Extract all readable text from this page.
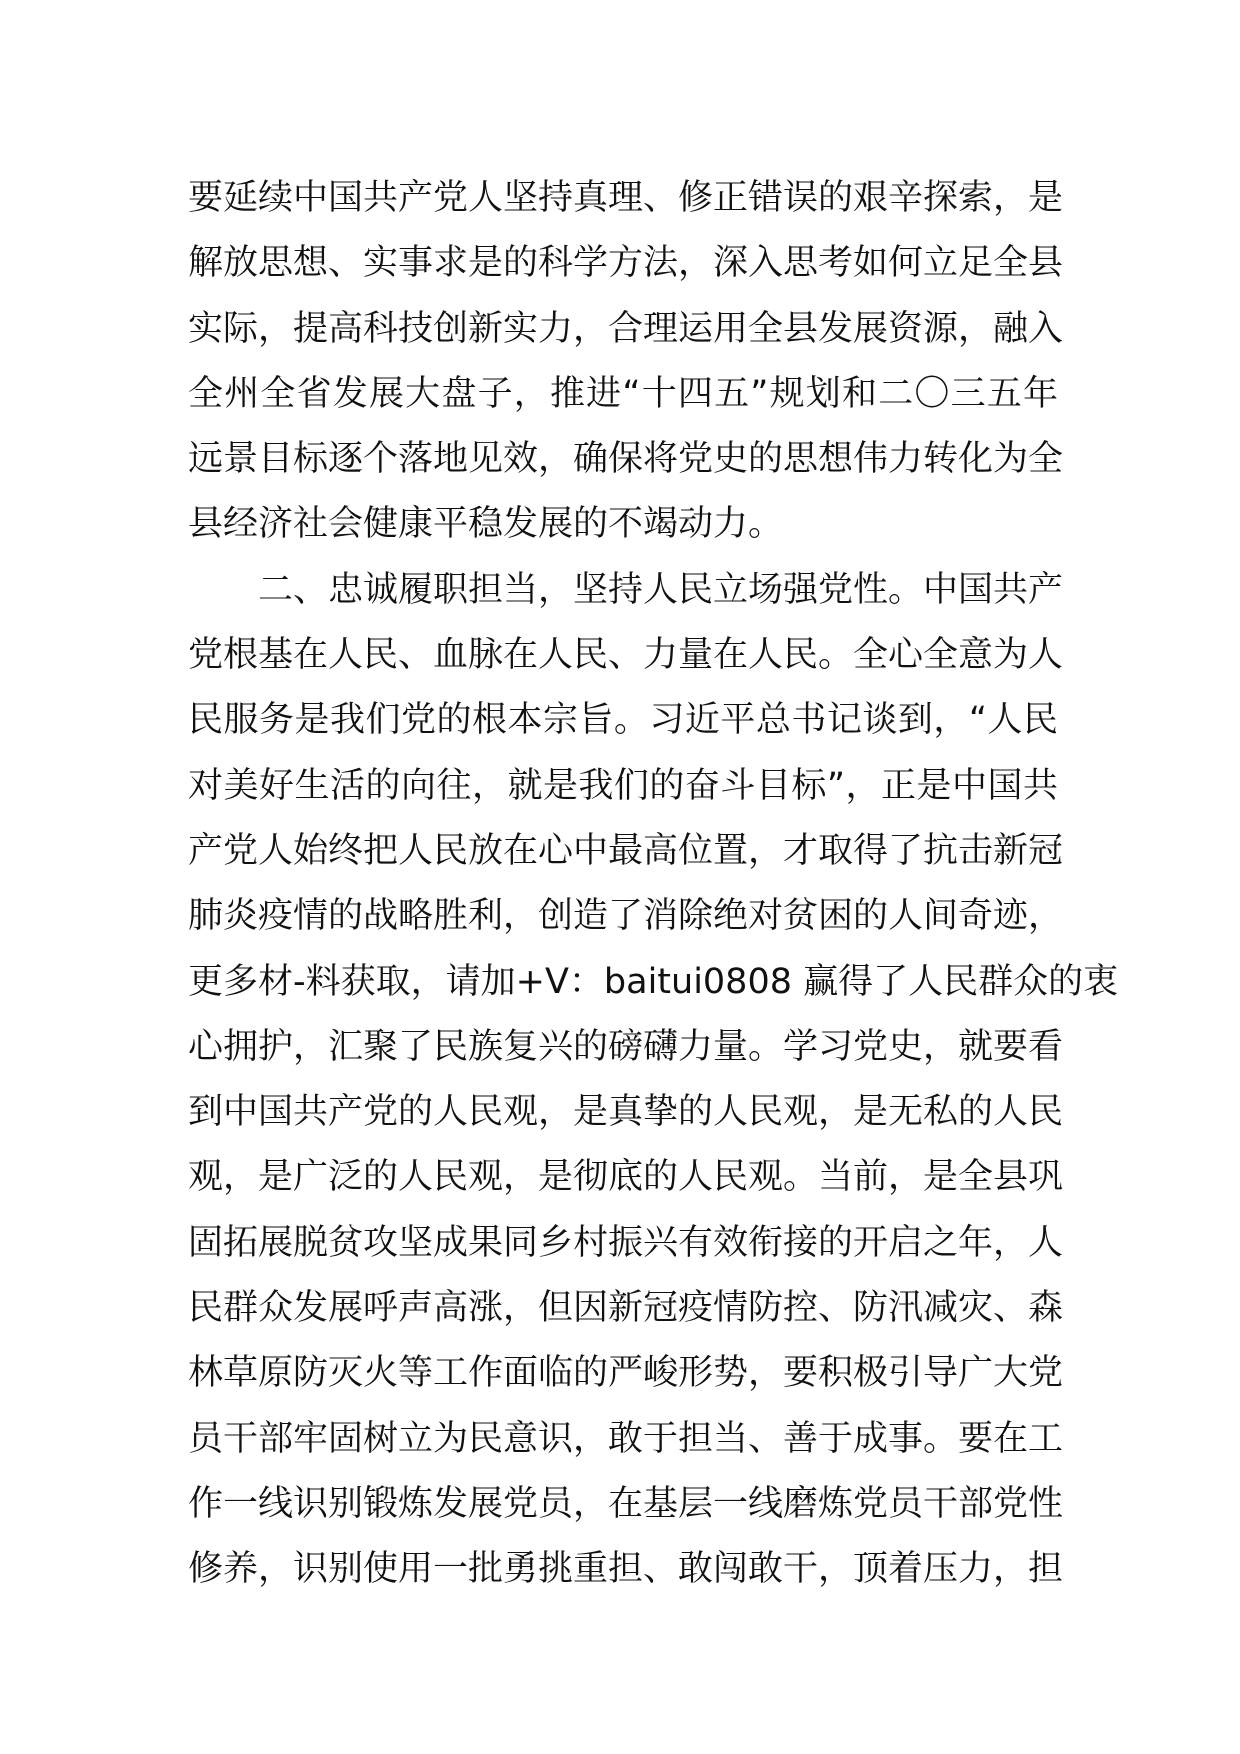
要延续中国共产党人坚持真理、修正错误的艰辛探索，是
解放思想、实事求是的科学方法，深入思考如何立足全县
实际，提高科技创新实力，合理运用全县发展资源，融入
全州全省发展大盘子，推进“十四五”规划和二〇三五年
远景目标逐个落地见效，确保将党史的思想伟力转化为全
县经济社会健康平稳发展的不竭动力。
二、忠诚履职担当，坚持人民立场强党性。中国共产
党根基在人民、血脉在人民、力量在人民。全心全意为人
民服务是我们党的根本宗旨。习近平总书记谈到，“人民
对美好生活的向往，就是我们的奋斗目标”，正是中国共
产党人始终把人民放在心中最高位置，才取得了抗击新冠
肺炎疫情的战略胜利，创造了消除绝对贫困的人间奇迹，
更多材-料获取，请加+V：baitui0808 赢得了人民群众的衷
心拥护，汇聚了民族复兴的磅礴力量。学习党史，就要看
到中国共产党的人民观，是真挚的人民观，是无私的人民
观，是广泛的人民观，是彻底的人民观。当前，是全县巩
固拓展脱贫攻坚成果同乡村振兴有效衔接的开启之年，人
民群众发展呼声高涨，但因新冠疫情防控、防汛减灾、森
林草原防灭火等工作面临的严峻形势，要积极引导广大党
员干部牢固树立为民意识，敢于担当、善于成事。要在工
作一线识别锻炼发展党员，在基层一线磨炼党员干部党性
修养，识别使用一批勇挑重担、敢闯敢干，顶着压力，担
